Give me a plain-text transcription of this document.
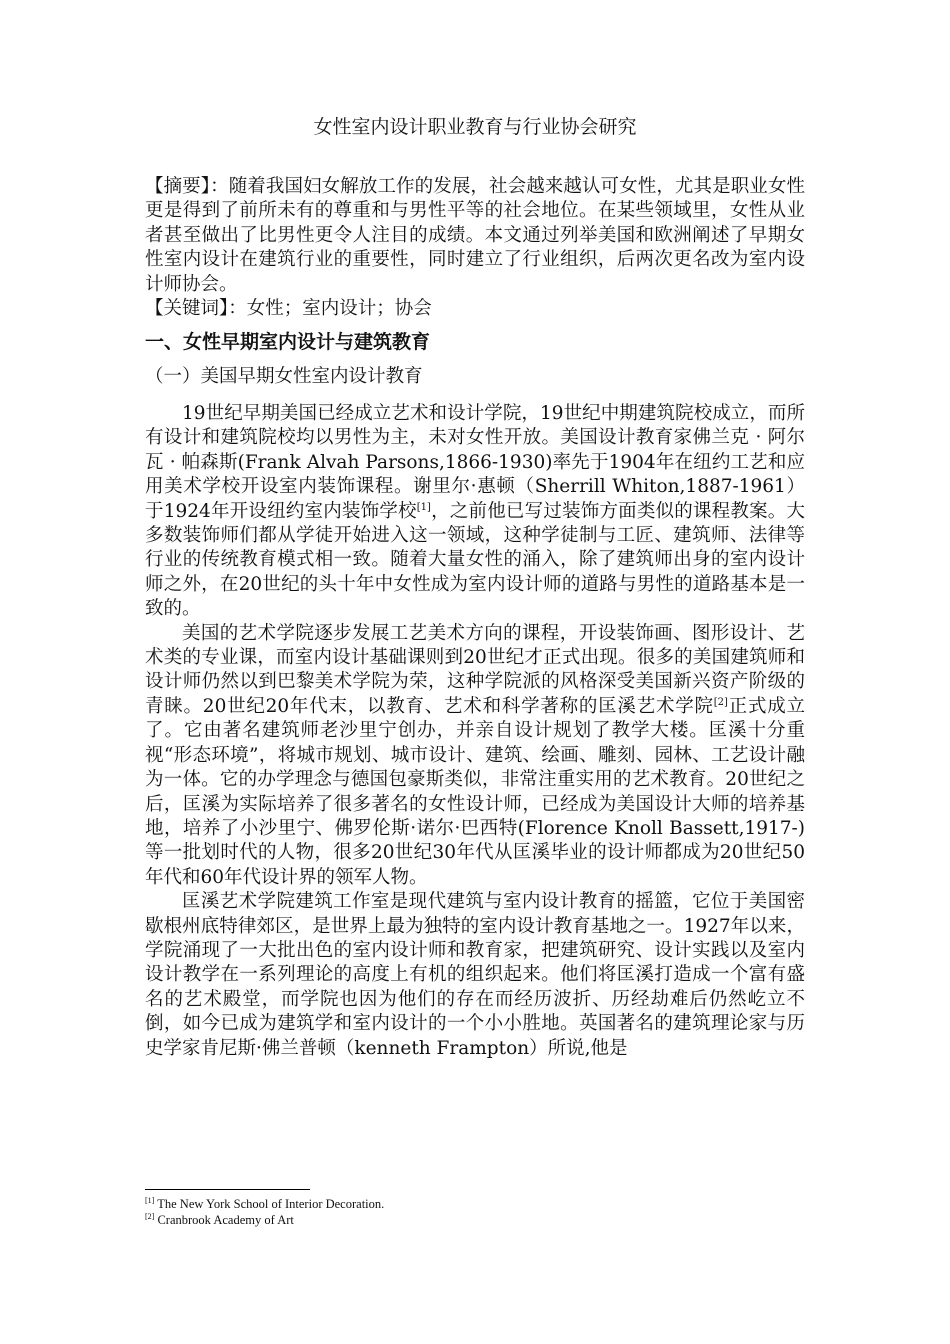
女性室内设计职业教育与行业协会研究

【摘要】：随着我国妇女解放工作的发展，社会越来越认可女性，尤其是职业女性更是得到了前所未有的尊重和与男性平等的社会地位。在某些领域里，女性从业者甚至做出了比男性更令人注目的成绩。本文通过列举美国和欧洲阐述了早期女性室内设计在建筑行业的重要性，同时建立了行业组织，后两次更名改为室内设计师协会。

【关键词】：女性；室内设计；协会

一、女性早期室内设计与建筑教育
（一）美国早期女性室内设计教育

19世纪早期美国已经成立艺术和设计学院，19世纪中期建筑院校成立，而所有设计和建筑院校均以男性为主，未对女性开放。美国设计教育家佛兰克 · 阿尔瓦 · 帕森斯(Frank Alvah Parsons,1866-1930)率先于1904年在纽约工艺和应用美术学校开设室内装饰课程。谢里尔·惠顿（Sherrill Whiton,1887-1961）于1924年开设纽约室内装饰学校[1]，之前他已写过装饰方面类似的课程教案。大多数装饰师们都从学徒开始进入这一领域，这种学徒制与工匠、建筑师、法律等行业的传统教育模式相一致。随着大量女性的涌入，除了建筑师出身的室内设计师之外，在20世纪的头十年中女性成为室内设计师的道路与男性的道路基本是一致的。

美国的艺术学院逐步发展工艺美术方向的课程，开设装饰画、图形设计、艺术类的专业课，而室内设计基础课则到20世纪才正式出现。很多的美国建筑师和设计师仍然以到巴黎美术学院为荣，这种学院派的风格深受美国新兴资产阶级的青睐。20世纪20年代末，以教育、艺术和科学著称的匡溪艺术学院[2]正式成立了。它由著名建筑师老沙里宁创办，并亲自设计规划了教学大楼。匡溪十分重视“形态环境”，将城市规划、城市设计、建筑、绘画、雕刻、园林、工艺设计融为一体。它的办学理念与德国包豪斯类似，非常注重实用的艺术教育。20世纪之后，匡溪为实际培养了很多著名的女性设计师，已经成为美国设计大师的培养基地，培养了小沙里宁、佛罗伦斯·诺尔·巴西特(Florence Knoll Bassett,1917-)等一批划时代的人物，很多20世纪30年代从匡溪毕业的设计师都成为20世纪50年代和60年代设计界的领军人物。

匡溪艺术学院建筑工作室是现代建筑与室内设计教育的摇篮，它位于美国密歇根州底特律郊区，是世界上最为独特的室内设计教育基地之一。1927年以来，学院涌现了一大批出色的室内设计师和教育家，把建筑研究、设计实践以及室内设计教学在一系列理论的高度上有机的组织起来。他们将匡溪打造成一个富有盛名的艺术殿堂，而学院也因为他们的存在而经历波折、历经劫难后仍然屹立不倒，如今已成为建筑学和室内设计的一个小小胜地。英国著名的建筑理论家与历史学家肯尼斯·佛兰普顿（kenneth Frampton）所说,他是

[1] The New York School of Interior Decoration.
[2] Cranbrook Academy of Art
